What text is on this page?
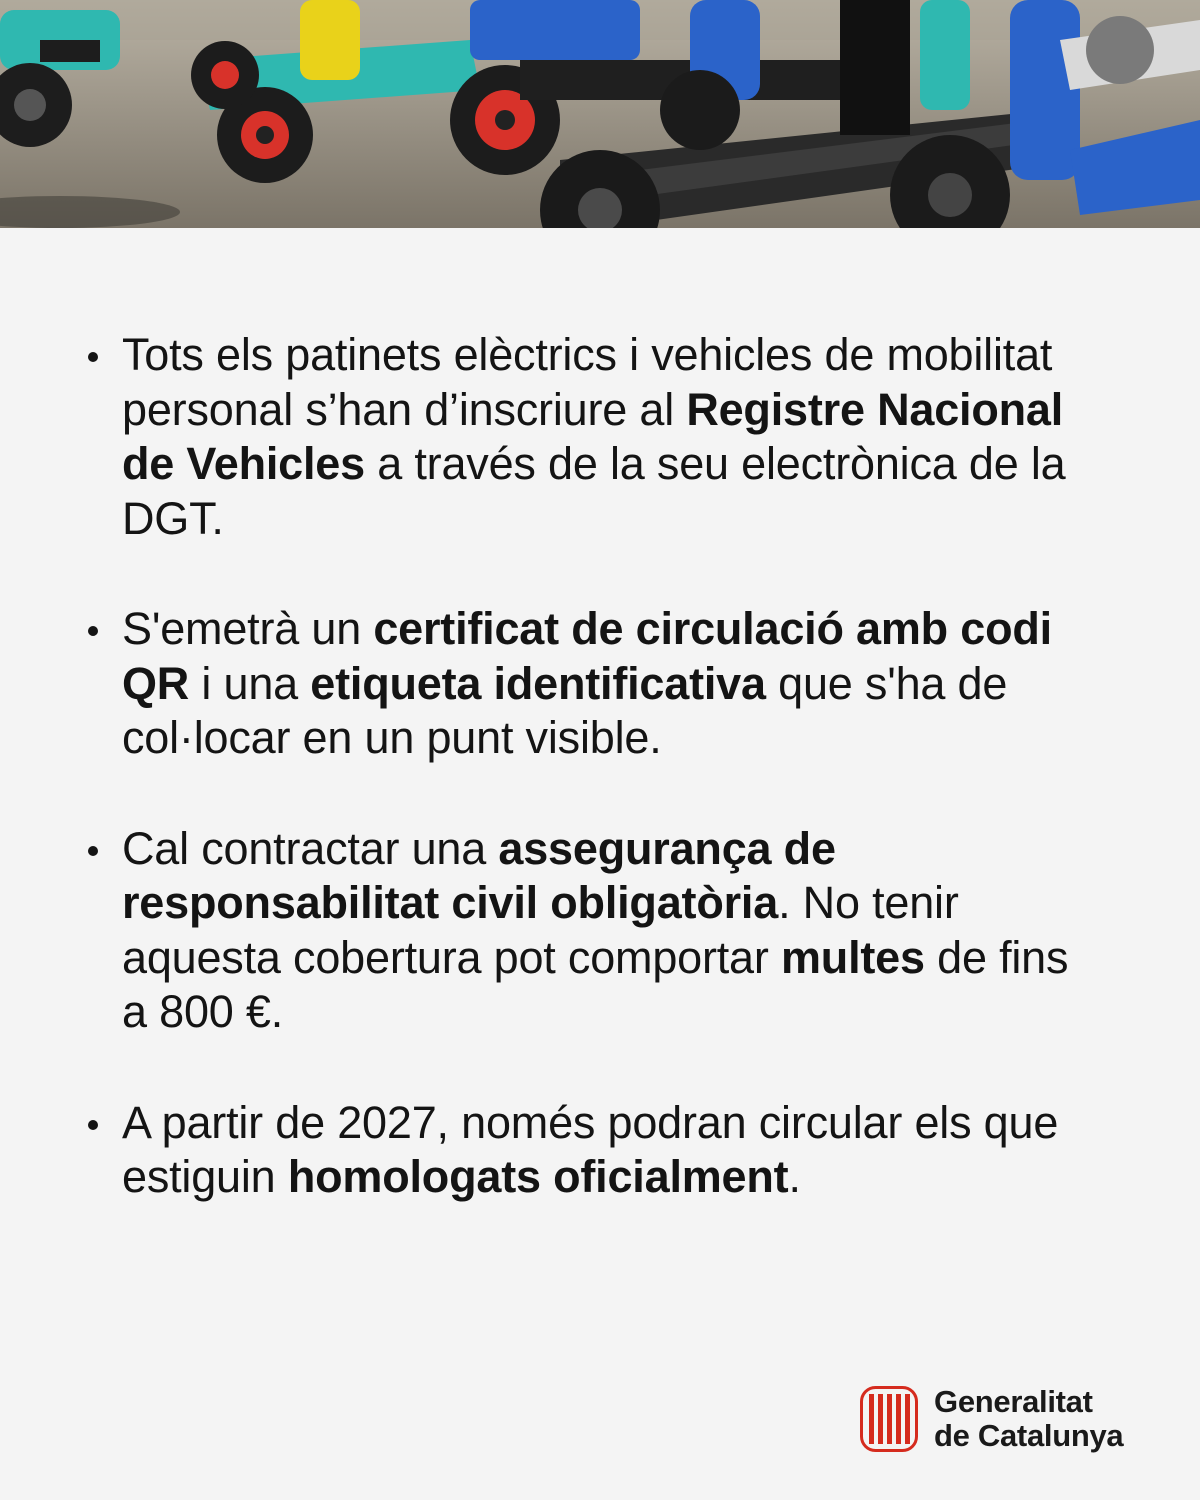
Tots els patinets elèctrics i vehicles de mobilitat personal s’han d’inscriure al Registre Nacional de Vehicles a través de la seu electrònica de la DGT.
S'emetrà un certificat de circulació amb codi QR i una etiqueta identificativa que s'ha de col·locar en un punt visible.
Cal contractar una assegurança de responsabilitat civil obligatòria. No tenir aquesta cobertura pot comportar multes de fins a 800 €.
A partir de 2027, només podran circular els que estiguin homologats oficialment.
Generalitat
de Catalunya
